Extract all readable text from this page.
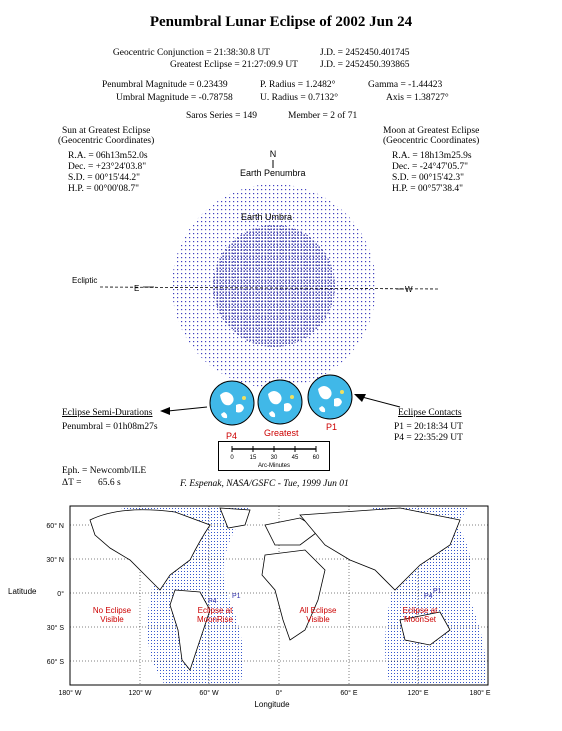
Penumbral Lunar Eclipse of 2002 Jun 24
Geocentric Conjunction = 21:38:30.8 UT	J.D. = 2452450.401745
Greatest Eclipse = 21:27:09.9 UT J.D. = 2452450.393865
Penumbral Magnitude = 0.23439	P. Radius = 1.2482°	Gamma = -1.44423
Umbral Magnitude = -0.78758	U. Radius = 0.7132°	Axis = 1.38727°
Saros Series = 149	Member = 2 of 71
Sun at Greatest Eclipse
(Geocentric Coordinates)
R.A. = 06h13m52.0s
Dec. = +23°24'03.8"
S.D. = 00°15'44.2"
H.P. = 00°00'08.7"
Moon at Greatest Eclipse
(Geocentric Coordinates)
R.A. = 18h13m25.9s
Dec. = -24°47'05.7"
S.D. = 00°15'42.3"
H.P. = 00°57'38.4"
N
Ecliptic
E	W
Earth Penumbra
Earth Umbra
P4	Greatest
P1
Eclipse Semi-Durations
Penumbral = 01h08m27s
Eclipse Contacts
P1 = 20:18:34 UT
P4 = 22:35:29 UT
0	15 30 45 60
Arc-Minutes
Eph. = Newcomb/ILE
ΔT = 65.6 s	F. Espenak, NASA/GSFC - Tue, 1999 Jun 01
No Eclipse
Visible
Eclipse at
MoonRise
All Eclipse
Visible
Eclipse at
MoonSet
P4
P1	P4
P1
60° N
30° N
0°
30° S
60° S
Latitude
180° W	120° W	60° W	0°	60° E	120° E	180° E
Longitude
